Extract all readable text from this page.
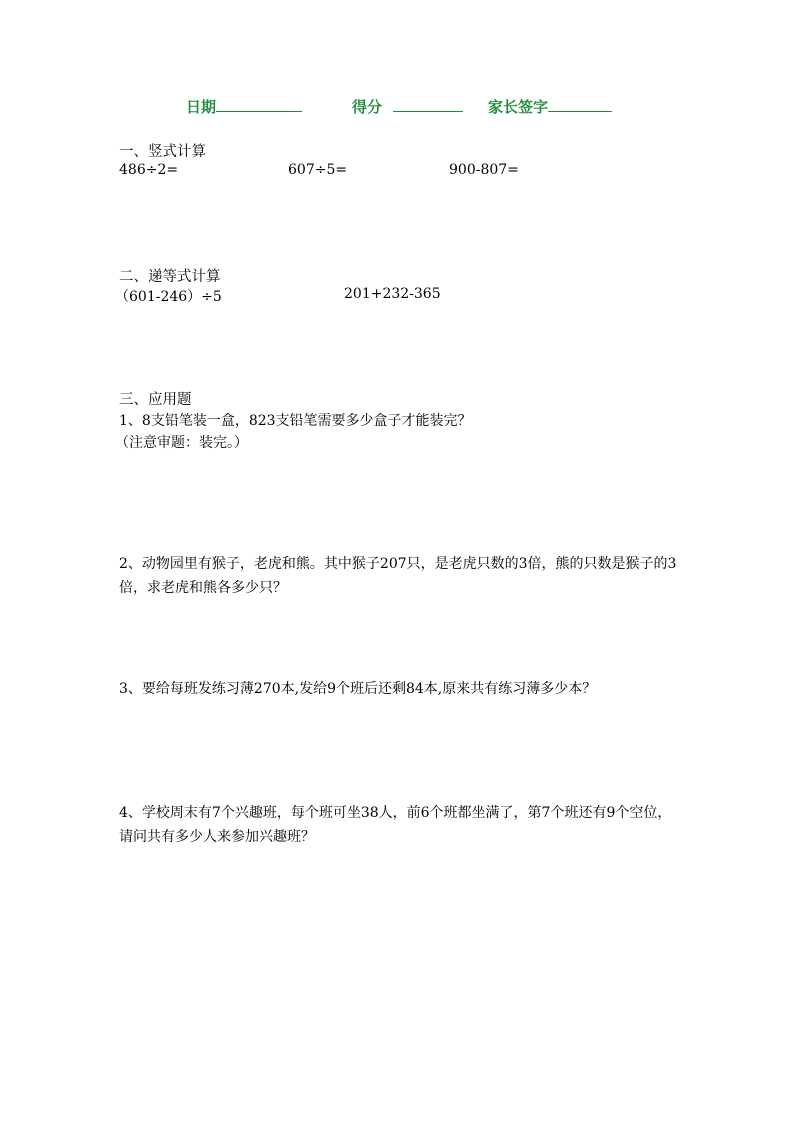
日期	得分	家长签字
一、竖式计算
486÷2=	607÷5=	900-807=
二、递等式计算
（601-246）÷5	201+232-365
三、应用题
1、8支铅笔装一盒，823支铅笔需要多少盒子才能装完？
（注意审题：装完。）
2、动物园里有猴子，老虎和熊。其中猴子207只，是老虎只数的3倍，熊的只数是猴子的3倍，求老虎和熊各多少只？
3、要给每班发练习薄270本,发给9个班后还剩84本,原来共有练习薄多少本？
4、学校周末有7个兴趣班，每个班可坐38人，前6个班都坐满了，第7个班还有9个空位，请问共有多少人来参加兴趣班？
